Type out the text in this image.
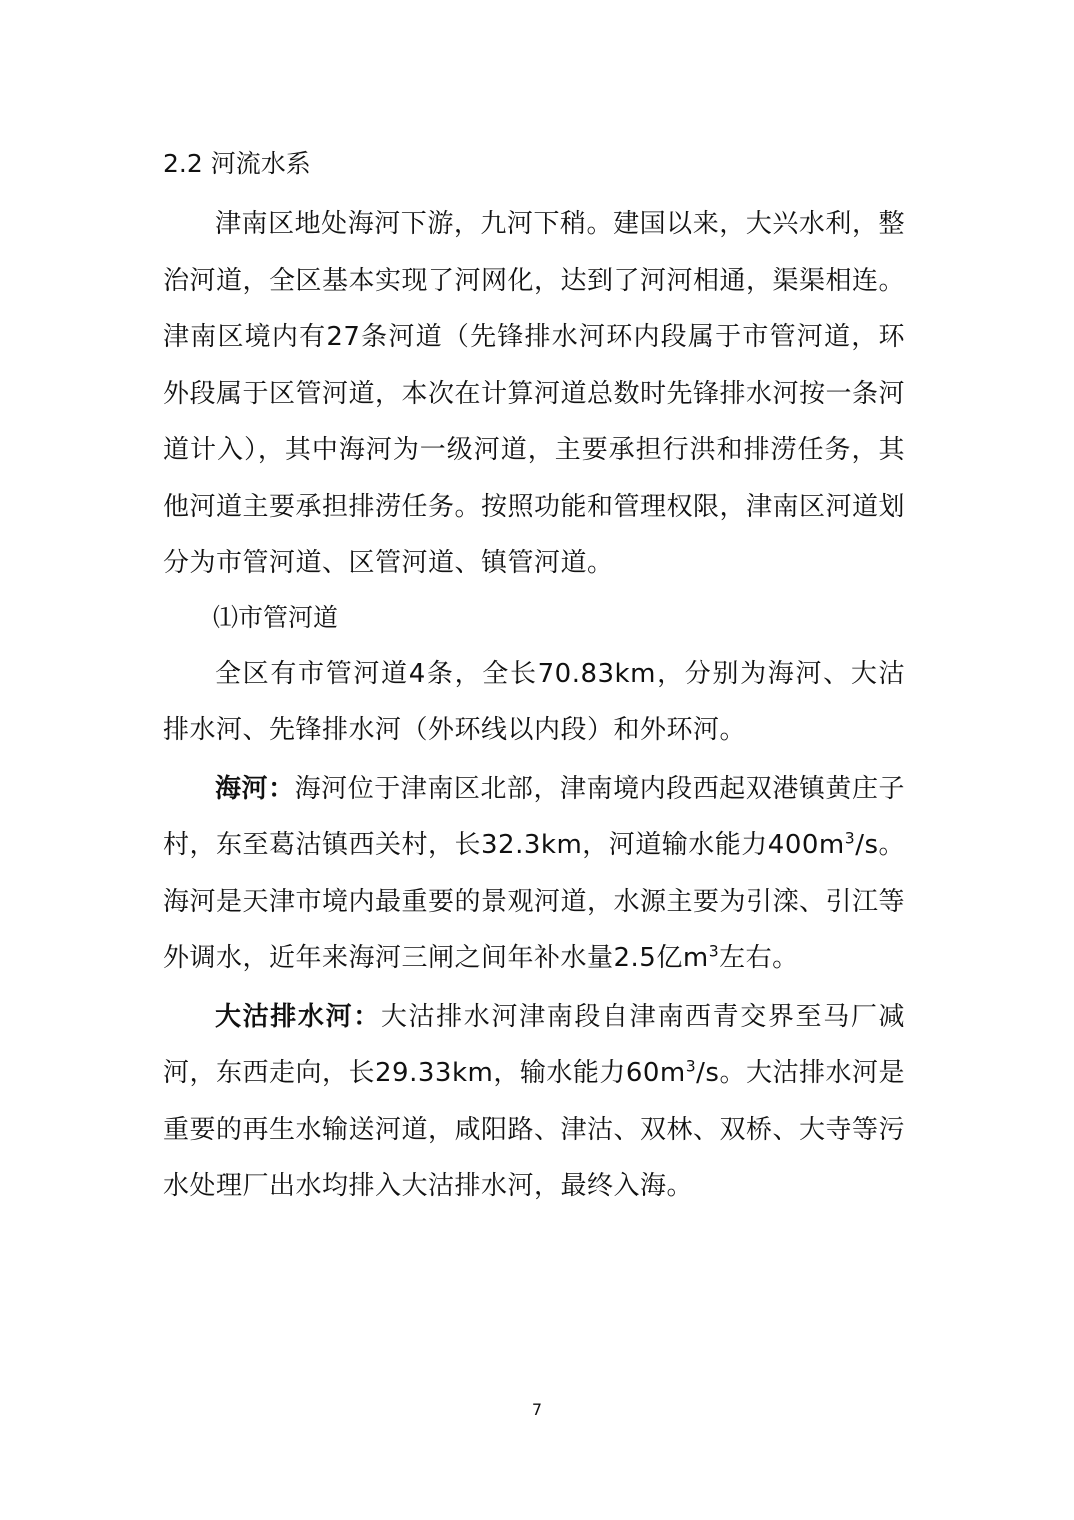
2.2 河流水系

津南区地处海河下游，九河下稍。建国以来，大兴水利，整治河道，全区基本实现了河网化，达到了河河相通，渠渠相连。津南区境内有27条河道（先锋排水河环内段属于市管河道，环外段属于区管河道，本次在计算河道总数时先锋排水河按一条河道计入），其中海河为一级河道，主要承担行洪和排涝任务，其他河道主要承担排涝任务。按照功能和管理权限，津南区河道划分为市管河道、区管河道、镇管河道。

⑴市管河道

全区有市管河道4条，全长70.83km，分别为海河、大沽排水河、先锋排水河（外环线以内段）和外环河。

海河：海河位于津南区北部，津南境内段西起双港镇黄庄子村，东至葛沽镇西关村，长32.3km，河道输水能力$400m^3/s$。海河是天津市境内最重要的景观河道，水源主要为引滦、引江等外调水，近年来海河三闸之间年补水量2.5亿$m^3$左右。

大沽排水河：大沽排水河津南段自津南西青交界至马厂减河，东西走向，长29.33km，输水能力$60m^3/s$。大沽排水河是重要的再生水输送河道，咸阳路、津沽、双林、双桥、大寺等污水处理厂出水均排入大沽排水河，最终入海。

7
